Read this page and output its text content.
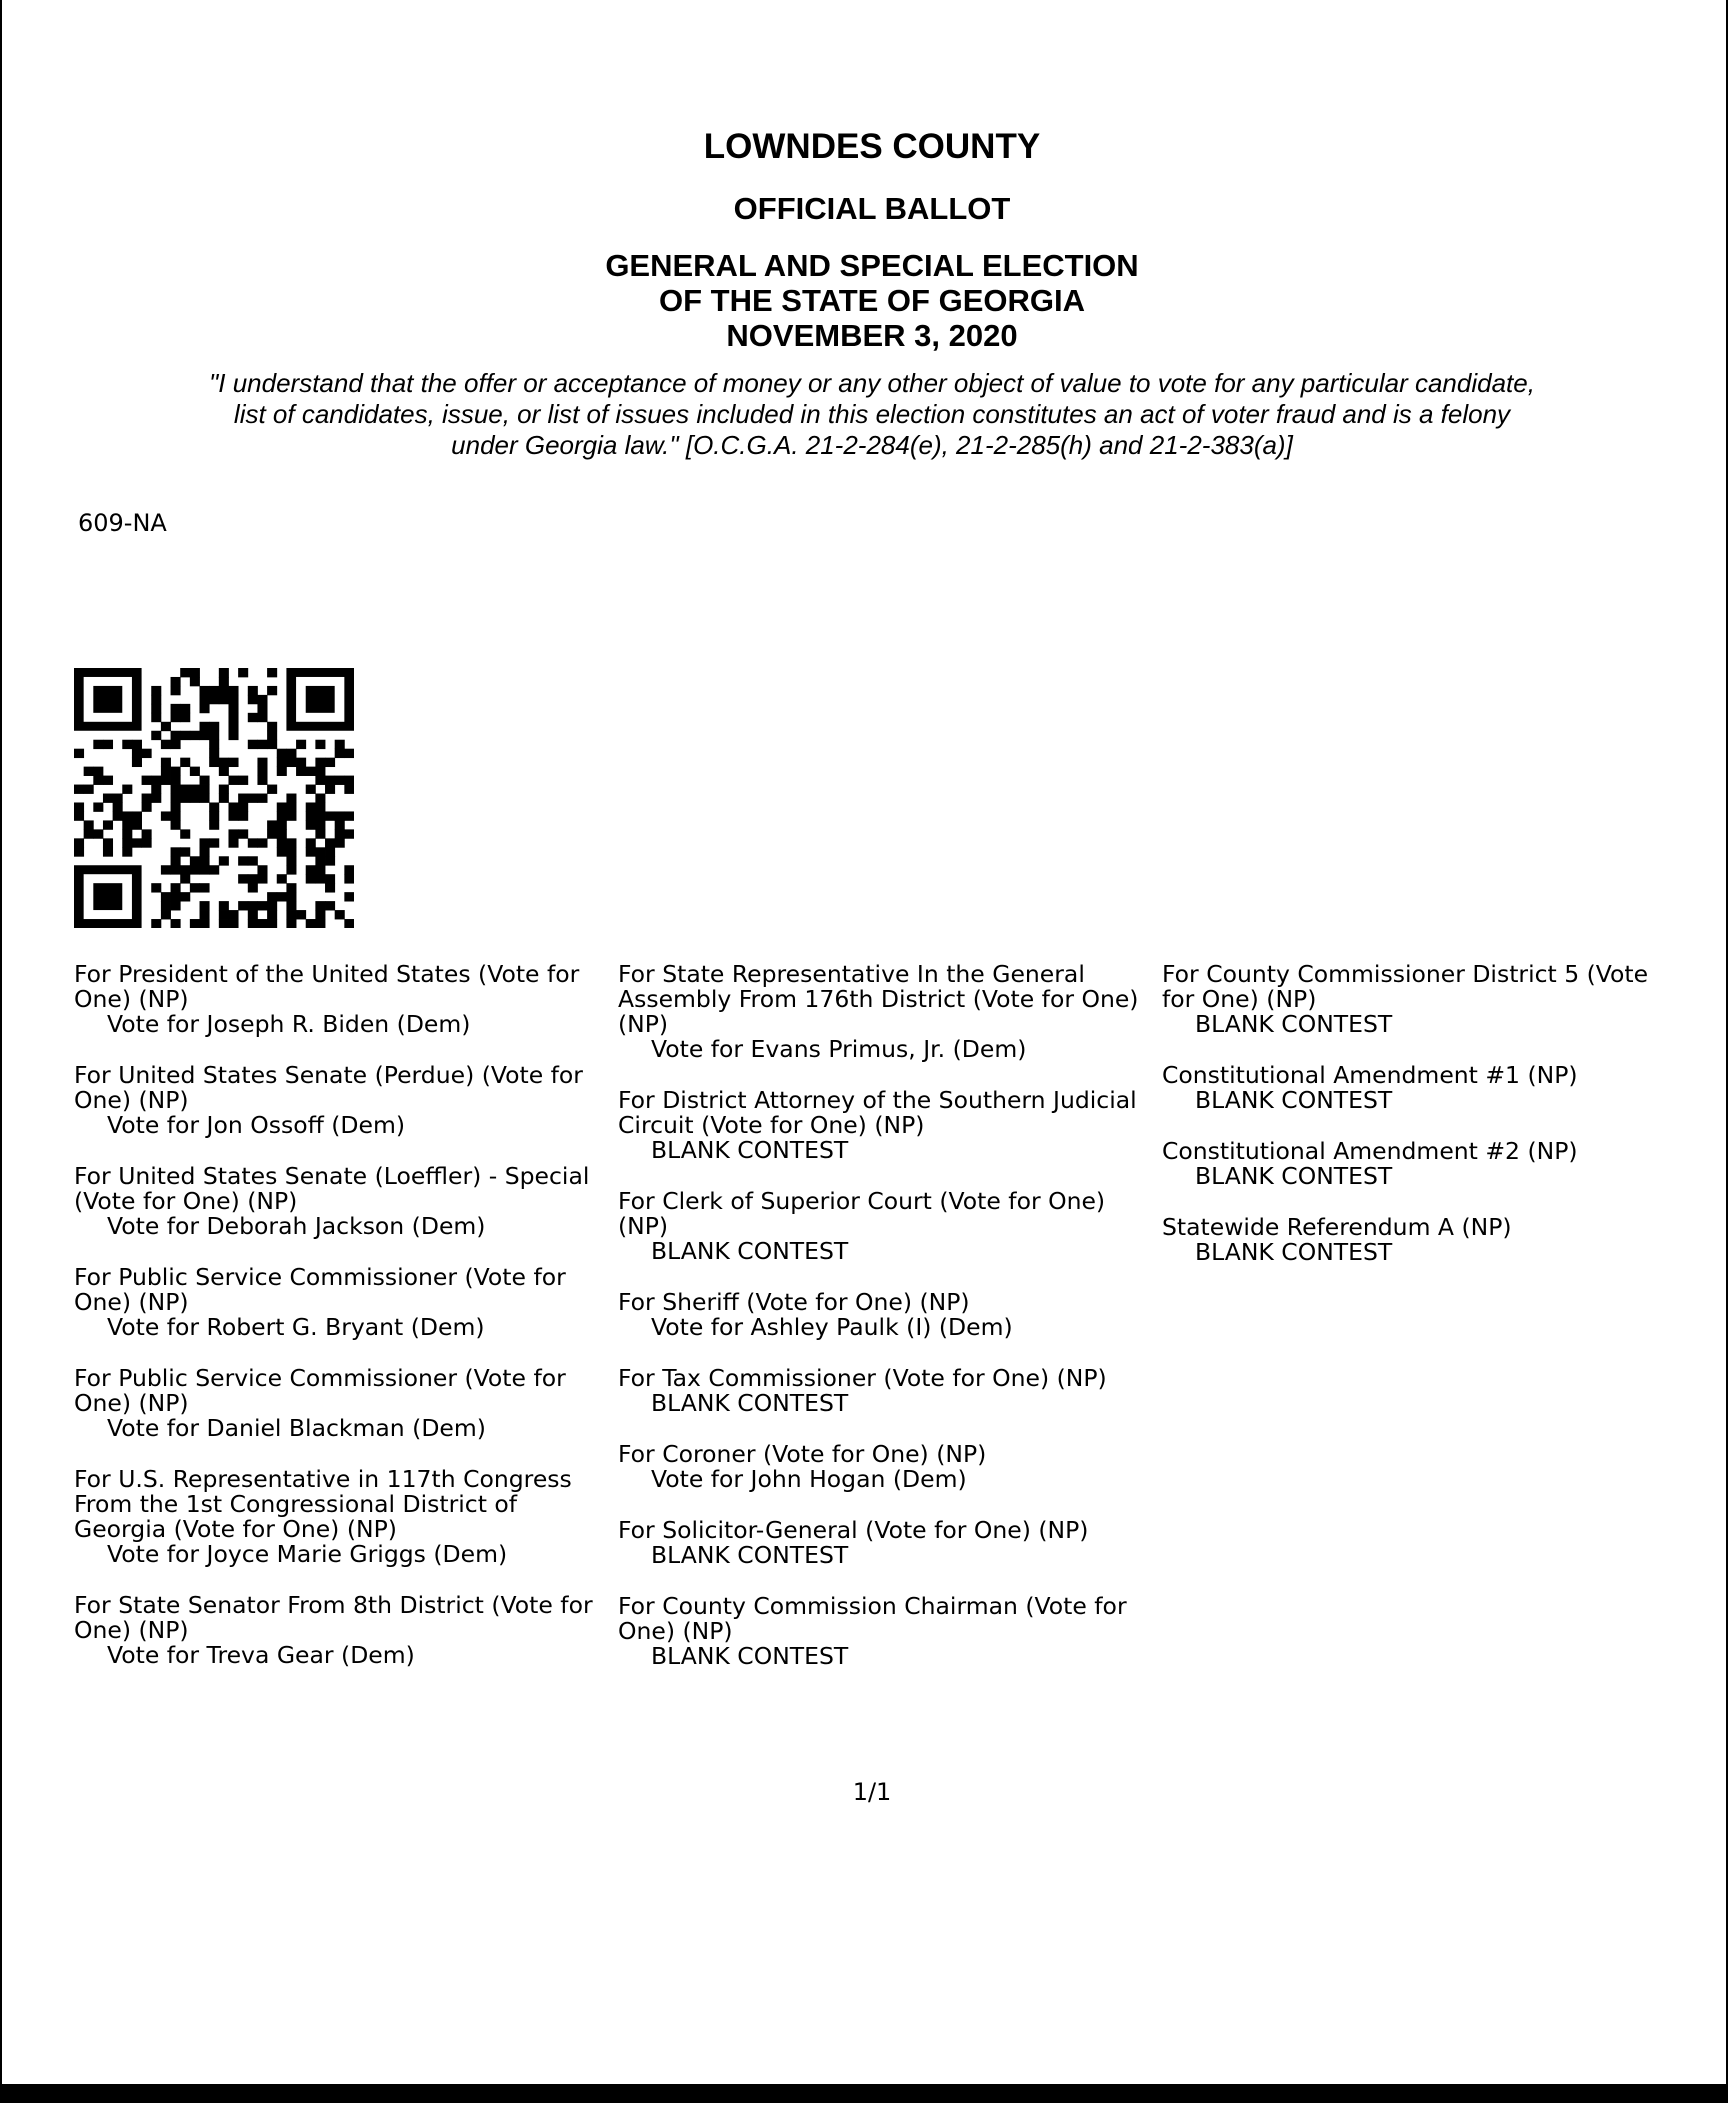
LOWNDES COUNTY
OFFICIAL BALLOT
GENERAL AND SPECIAL ELECTION
OF THE STATE OF GEORGIA
NOVEMBER 3, 2020
"I understand that the offer or acceptance of money or any other object of value to vote for any particular candidate,
list of candidates, issue, or list of issues included in this election constitutes an act of voter fraud and is a felony
under Georgia law." [O.C.G.A. 21-2-284(e), 21-2-285(h) and 21-2-383(a)]
609-NA
For President of the United States (Vote for One) (NP)
Vote for Joseph R. Biden (Dem)
For United States Senate (Perdue) (Vote for One) (NP)
Vote for Jon Ossoff (Dem)
For United States Senate (Loeffler) - Special (Vote for One) (NP)
Vote for Deborah Jackson (Dem)
For Public Service Commissioner (Vote for One) (NP)
Vote for Robert G. Bryant (Dem)
For Public Service Commissioner (Vote for One) (NP)
Vote for Daniel Blackman (Dem)
For U.S. Representative in 117th Congress From the 1st Congressional District of Georgia (Vote for One) (NP)
Vote for Joyce Marie Griggs (Dem)
For State Senator From 8th District (Vote for One) (NP)
Vote for Treva Gear (Dem)
For State Representative In the General Assembly From 176th District (Vote for One) (NP)
Vote for Evans Primus, Jr. (Dem)
For District Attorney of the Southern Judicial Circuit (Vote for One) (NP)
BLANK CONTEST
For Clerk of Superior Court (Vote for One) (NP)
BLANK CONTEST
For Sheriff (Vote for One) (NP)
Vote for Ashley Paulk (I) (Dem)
For Tax Commissioner (Vote for One) (NP)
BLANK CONTEST
For Coroner (Vote for One) (NP)
Vote for John Hogan (Dem)
For Solicitor-General (Vote for One) (NP)
BLANK CONTEST
For County Commission Chairman (Vote for One) (NP)
BLANK CONTEST
For County Commissioner District 5 (Vote for One) (NP)
BLANK CONTEST
Constitutional Amendment #1 (NP)
BLANK CONTEST
Constitutional Amendment #2 (NP)
BLANK CONTEST
Statewide Referendum A (NP)
BLANK CONTEST
1/1
